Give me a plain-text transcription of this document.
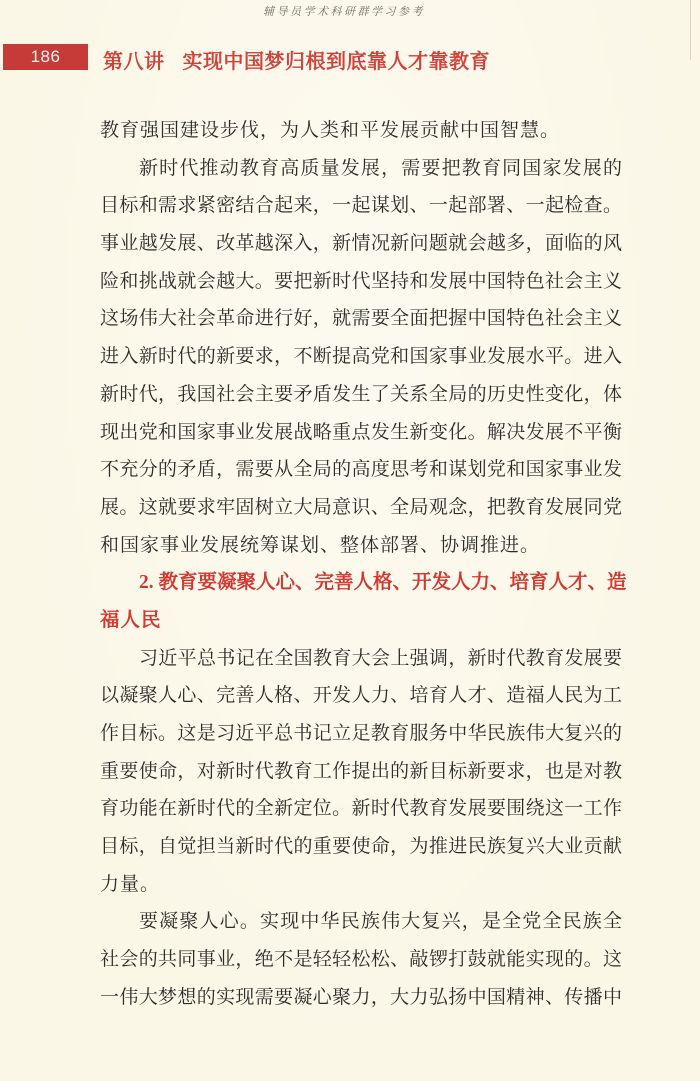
辅导员学术科研群学习参考
186 第八讲 实现中国梦归根到底靠人才靠教育
教育强国建设步伐，为人类和平发展贡献中国智慧。
新时代推动教育高质量发展，需要把教育同国家发展的
目标和需求紧密结合起来，一起谋划、一起部署、一起检查。
事业越发展、改革越深入，新情况新问题就会越多，面临的风
险和挑战就会越大。要把新时代坚持和发展中国特色社会主义
这场伟大社会革命进行好，就需要全面把握中国特色社会主义
进入新时代的新要求，不断提高党和国家事业发展水平。进入
新时代，我国社会主要矛盾发生了关系全局的历史性变化，体
现出党和国家事业发展战略重点发生新变化。解决发展不平衡
不充分的矛盾，需要从全局的高度思考和谋划党和国家事业发
展。这就要求牢固树立大局意识、全局观念，把教育发展同党
和国家事业发展统筹谋划、整体部署、协调推进。
2. 教育要凝聚人心、完善人格、开发人力、培育人才、造
福人民
习近平总书记在全国教育大会上强调，新时代教育发展要
以凝聚人心、完善人格、开发人力、培育人才、造福人民为工
作目标。这是习近平总书记立足教育服务中华民族伟大复兴的
重要使命，对新时代教育工作提出的新目标新要求，也是对教
育功能在新时代的全新定位。新时代教育发展要围绕这一工作
目标，自觉担当新时代的重要使命，为推进民族复兴大业贡献
力量。
要凝聚人心。实现中华民族伟大复兴，是全党全民族全
社会的共同事业，绝不是轻轻松松、敲锣打鼓就能实现的。这
一伟大梦想的实现需要凝心聚力，大力弘扬中国精神、传播中
